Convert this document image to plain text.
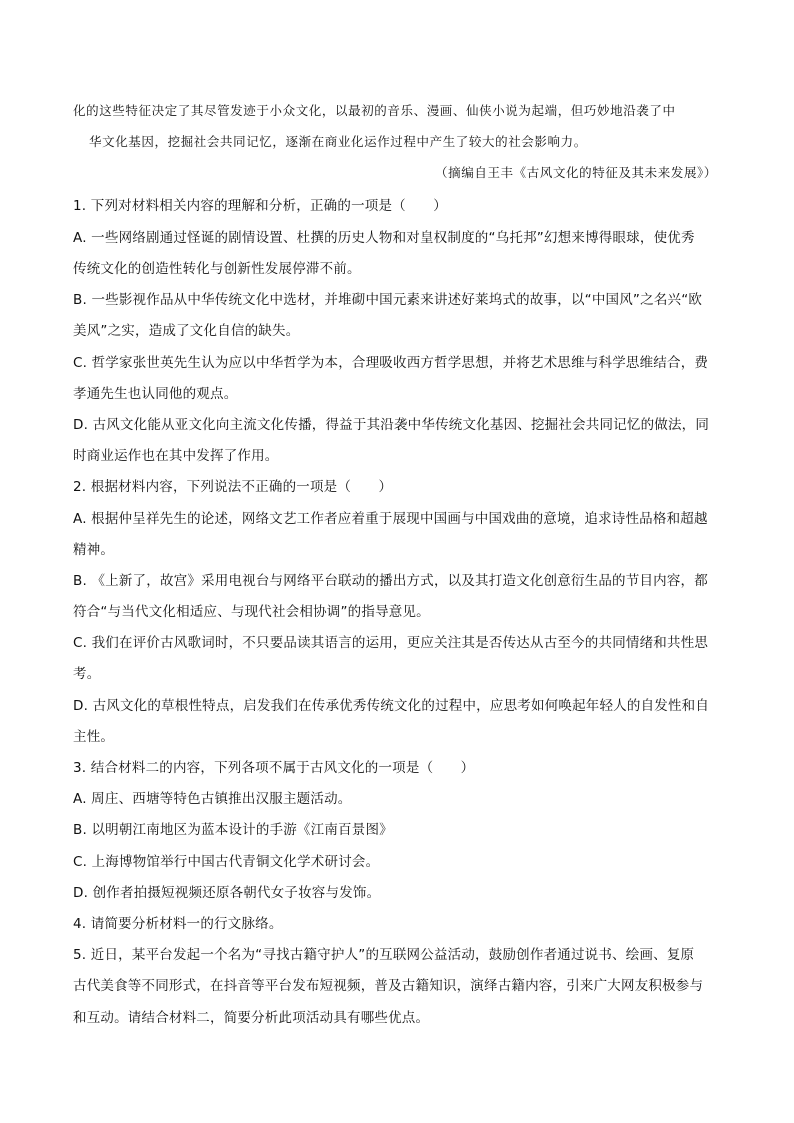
化的这些特征决定了其尽管发迹于小众文化，以最初的音乐、漫画、仙侠小说为起端，但巧妙地沿袭了中
华文化基因，挖掘社会共同记忆，逐渐在商业化运作过程中产生了较大的社会影响力。
（摘编自王丰《古风文化的特征及其未来发展》）
1. 下列对材料相关内容的理解和分析，正确的一项是（　　）
A. 一些网络剧通过怪诞的剧情设置、杜撰的历史人物和对皇权制度的“乌托邦”幻想来博得眼球，使优秀
传统文化的创造性转化与创新性发展停滞不前。
B. 一些影视作品从中华传统文化中选材，并堆砌中国元素来讲述好莱坞式的故事，以“中国风”之名兴“欧
美风”之实，造成了文化自信的缺失。
C. 哲学家张世英先生认为应以中华哲学为本，合理吸收西方哲学思想，并将艺术思维与科学思维结合，费
孝通先生也认同他的观点。
D. 古风文化能从亚文化向主流文化传播，得益于其沿袭中华传统文化基因、挖掘社会共同记忆的做法，同
时商业运作也在其中发挥了作用。
2. 根据材料内容，下列说法不正确的一项是（　　）
A. 根据仲呈祥先生的论述，网络文艺工作者应着重于展现中国画与中国戏曲的意境，追求诗性品格和超越
精神。
B. 《上新了，故宫》采用电视台与网络平台联动的播出方式，以及其打造文化创意衍生品的节目内容，都
符合“与当代文化相适应、与现代社会相协调”的指导意见。
C. 我们在评价古风歌词时，不只要品读其语言的运用，更应关注其是否传达从古至今的共同情绪和共性思
考。
D. 古风文化的草根性特点，启发我们在传承优秀传统文化的过程中，应思考如何唤起年轻人的自发性和自
主性。
3. 结合材料二的内容，下列各项不属于古风文化的一项是（　　）
A. 周庄、西塘等特色古镇推出汉服主题活动。
B. 以明朝江南地区为蓝本设计的手游《江南百景图》
C. 上海博物馆举行中国古代青铜文化学术研讨会。
D. 创作者拍摄短视频还原各朝代女子妆容与发饰。
4. 请简要分析材料一的行文脉络。
5. 近日，某平台发起一个名为“寻找古籍守护人”的互联网公益活动，鼓励创作者通过说书、绘画、复原
古代美食等不同形式，在抖音等平台发布短视频，普及古籍知识，演绎古籍内容，引来广大网友积极参与
和互动。请结合材料二，简要分析此项活动具有哪些优点。
